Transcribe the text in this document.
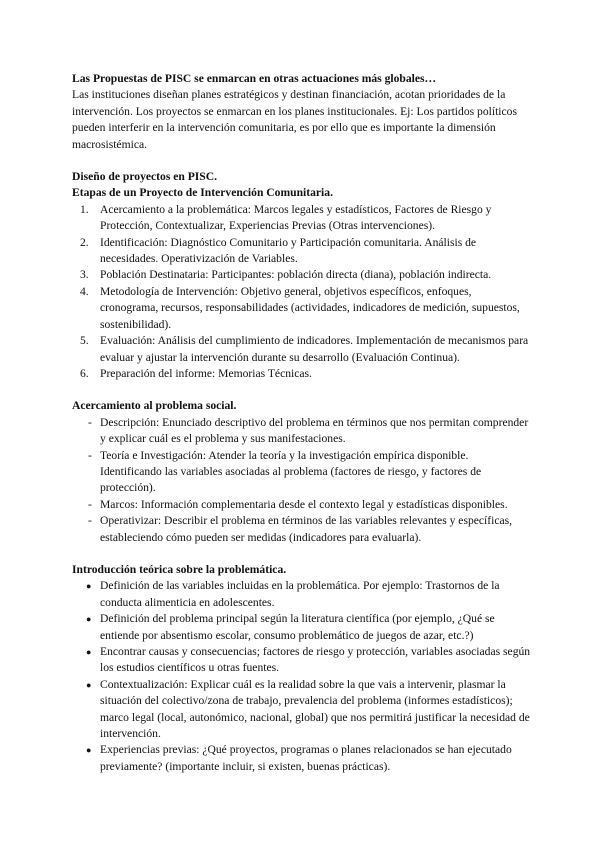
Las Propuestas de PISC se enmarcan en otras actuaciones más globales…

Las instituciones diseñan planes estratégicos y destinan financiación, acotan prioridades de la intervención. Los proyectos se enmarcan en los planes institucionales. Ej: Los partidos políticos pueden interferir en la intervención comunitaria, es por ello que es importante la dimensión macrosistémica.

Diseño de proyectos en PISC.

Etapas de un Proyecto de Intervención Comunitaria.

1. Acercamiento a la problemática: Marcos legales y estadísticos, Factores de Riesgo y Protección, Contextualizar, Experiencias Previas (Otras intervenciones).
2. Identificación: Diagnóstico Comunitario y Participación comunitaria. Análisis de necesidades. Operativización de Variables.
3. Población Destinataria: Participantes: población directa (diana), población indirecta.
4. Metodología de Intervención: Objetivo general, objetivos específicos, enfoques, cronograma, recursos, responsabilidades (actividades, indicadores de medición, supuestos, sostenibilidad).
5. Evaluación: Análisis del cumplimiento de indicadores. Implementación de mecanismos para evaluar y ajustar la intervención durante su desarrollo (Evaluación Continua).
6. Preparación del informe: Memorias Técnicas.

Acercamiento al problema social.

- Descripción: Enunciado descriptivo del problema en términos que nos permitan comprender y explicar cuál es el problema y sus manifestaciones.
- Teoría e Investigación: Atender la teoría y la investigación empírica disponible. Identificando las variables asociadas al problema (factores de riesgo, y factores de protección).
- Marcos: Información complementaria desde el contexto legal y estadísticas disponibles.
- Operativizar: Describir el problema en términos de las variables relevantes y específicas, estableciendo cómo pueden ser medidas (indicadores para evaluarla).

Introducción teórica sobre la problemática.

● Definición de las variables incluidas en la problemática. Por ejemplo: Trastornos de la conducta alimenticia en adolescentes.
● Definición del problema principal según la literatura científica (por ejemplo, ¿Qué se entiende por absentismo escolar, consumo problemático de juegos de azar, etc.?)
● Encontrar causas y consecuencias; factores de riesgo y protección, variables asociadas según los estudios científicos u otras fuentes.
● Contextualización: Explicar cuál es la realidad sobre la que vais a intervenir, plasmar la situación del colectivo/zona de trabajo, prevalencia del problema (informes estadísticos); marco legal (local, autonómico, nacional, global) que nos permitirá justificar la necesidad de intervención.
● Experiencias previas: ¿Qué proyectos, programas o planes relacionados se han ejecutado previamente? (importante incluir, si existen, buenas prácticas).
